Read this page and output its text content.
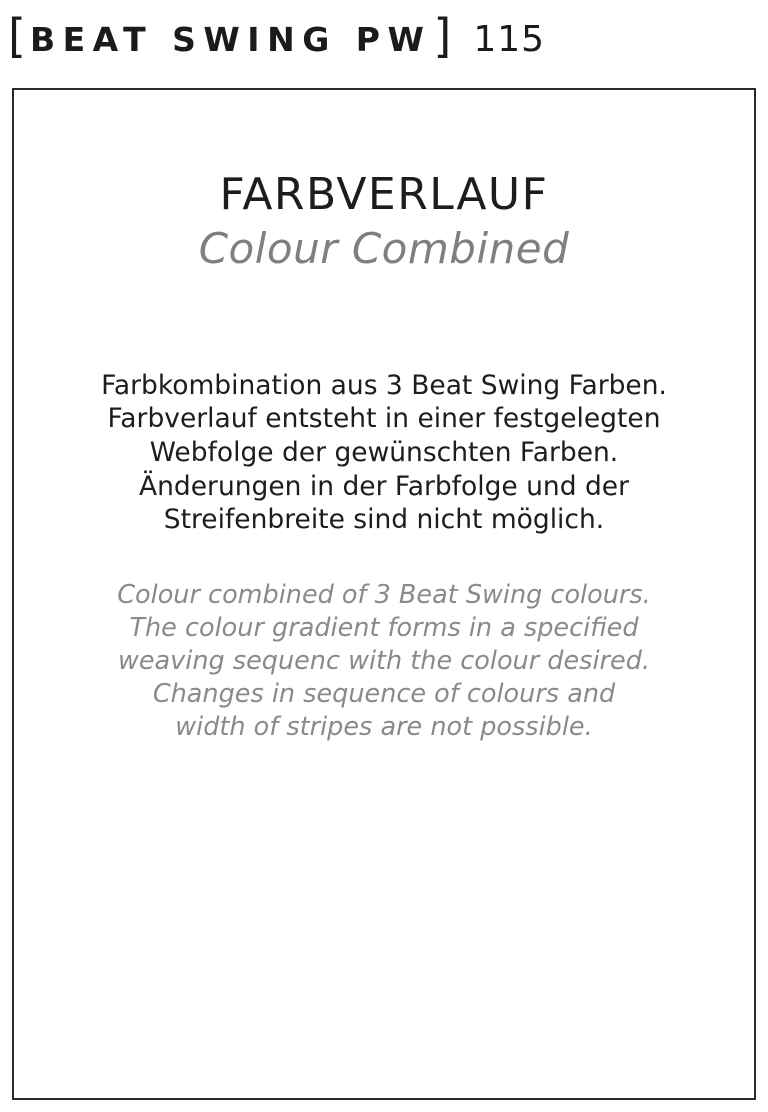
[ BEAT SWING PW ] 115
FARBVERLAUF
Colour Combined

Farbkombination aus 3 Beat Swing Farben.

Farbverlauf entsteht in einer festgelegten

Webfolge der gewünschten Farben.

Änderungen in der Farbfolge und der

Streifenbreite sind nicht möglich.

Colour combined of 3 Beat Swing colours.

The colour gradient forms in a specified

weaving sequenc with the colour desired.

Changes in sequence of colours and

width of stripes are not possible.
